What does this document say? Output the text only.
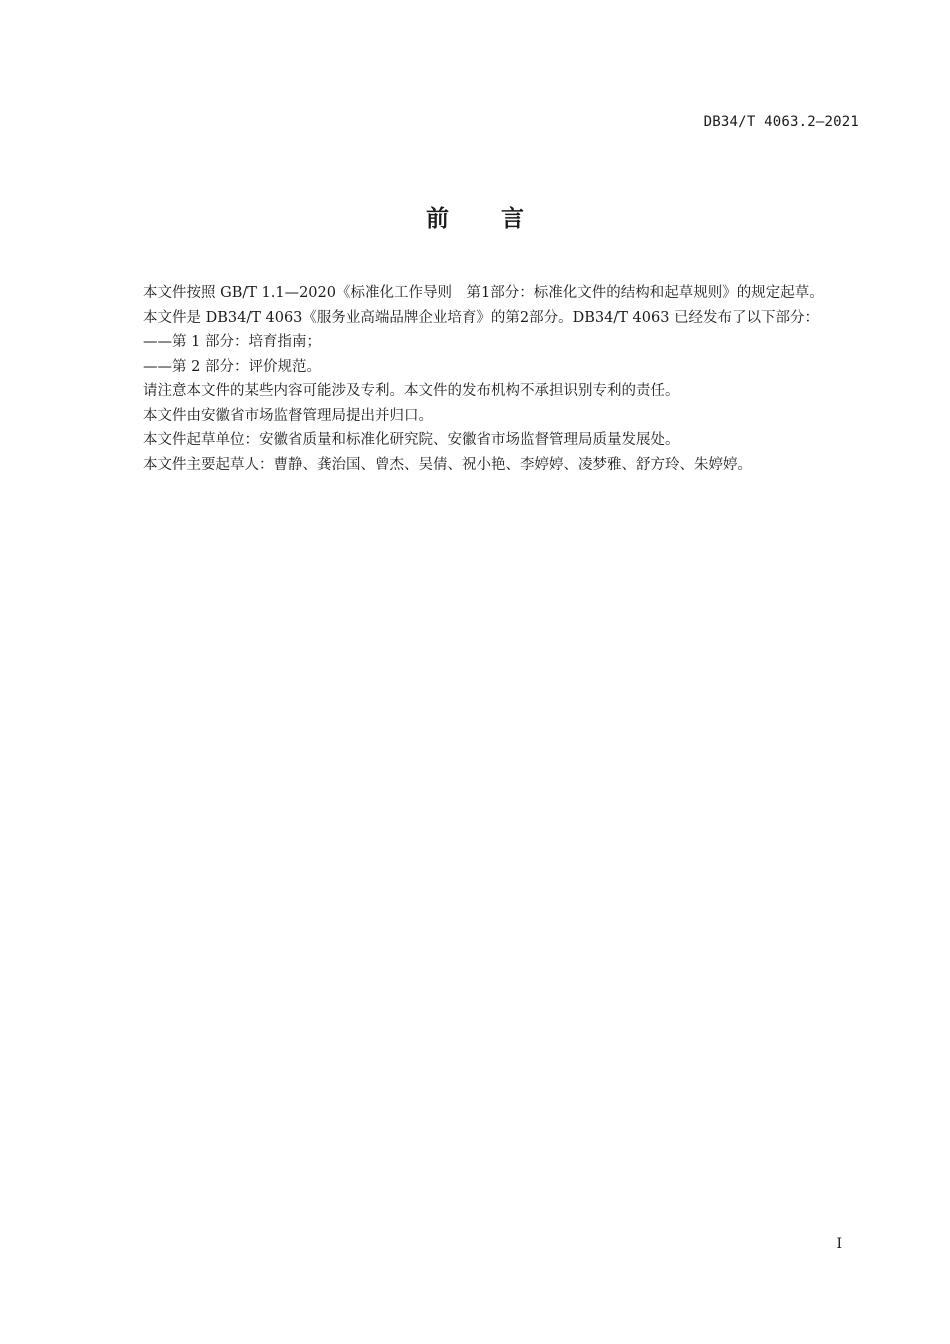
DB34/T 4063.2—2021
前 言

本文件按照 GB/T 1.1—2020《标准化工作导则　第1部分：标准化文件的结构和起草规则》的规定起草。

本文件是 DB34/T 4063《服务业高端品牌企业培育》的第2部分。DB34/T 4063 已经发布了以下部分：

——第 1 部分：培育指南；

——第 2 部分：评价规范。

请注意本文件的某些内容可能涉及专利。本文件的发布机构不承担识别专利的责任。

本文件由安徽省市场监督管理局提出并归口。

本文件起草单位：安徽省质量和标准化研究院、安徽省市场监督管理局质量发展处。

本文件主要起草人：曹静、龚治国、曾杰、吴倩、祝小艳、李婷婷、凌梦雅、舒方玲、朱婷婷。

I
